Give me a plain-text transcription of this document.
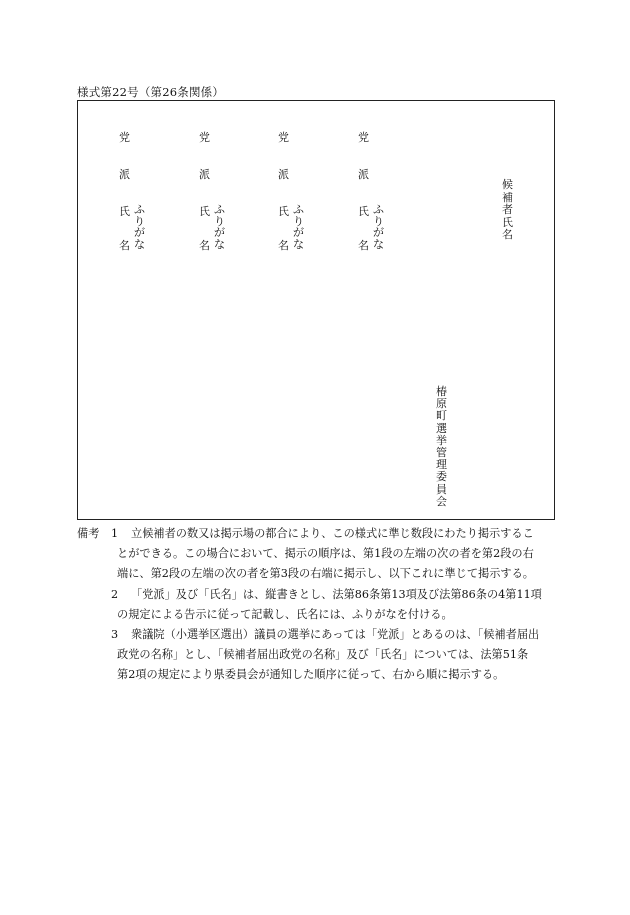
様式第22号（第26条関係）
党
派
氏
名
ふ
り
が
な
党
派
氏
名
ふ
り
が
な
党
派
氏
名
ふ
り
が
な
党
派
氏
名
ふ
り
が
な
候
補
者
氏
名
椿
原
町
選
挙
管
理
委
員
会
備考 1 立候補者の数又は掲示場の都合により、この様式に準じ数段にわたり掲示するこ
とができる。この場合において、掲示の順序は、第1段の左端の次の者を第2段の右
端に、第2段の左端の次の者を第3段の右端に掲示し、以下これに準じて掲示する。
2 「党派」及び「氏名」は、縦書きとし、法第86条第13項及び法第86条の4第11項
の規定による告示に従って記載し、氏名には、ふりがなを付ける。
3 衆議院（小選挙区選出）議員の選挙にあっては「党派」とあるのは、「候補者届出
政党の名称」とし、「候補者届出政党の名称」及び「氏名」については、法第51条
第2項の規定により県委員会が通知した順序に従って、右から順に掲示する。
